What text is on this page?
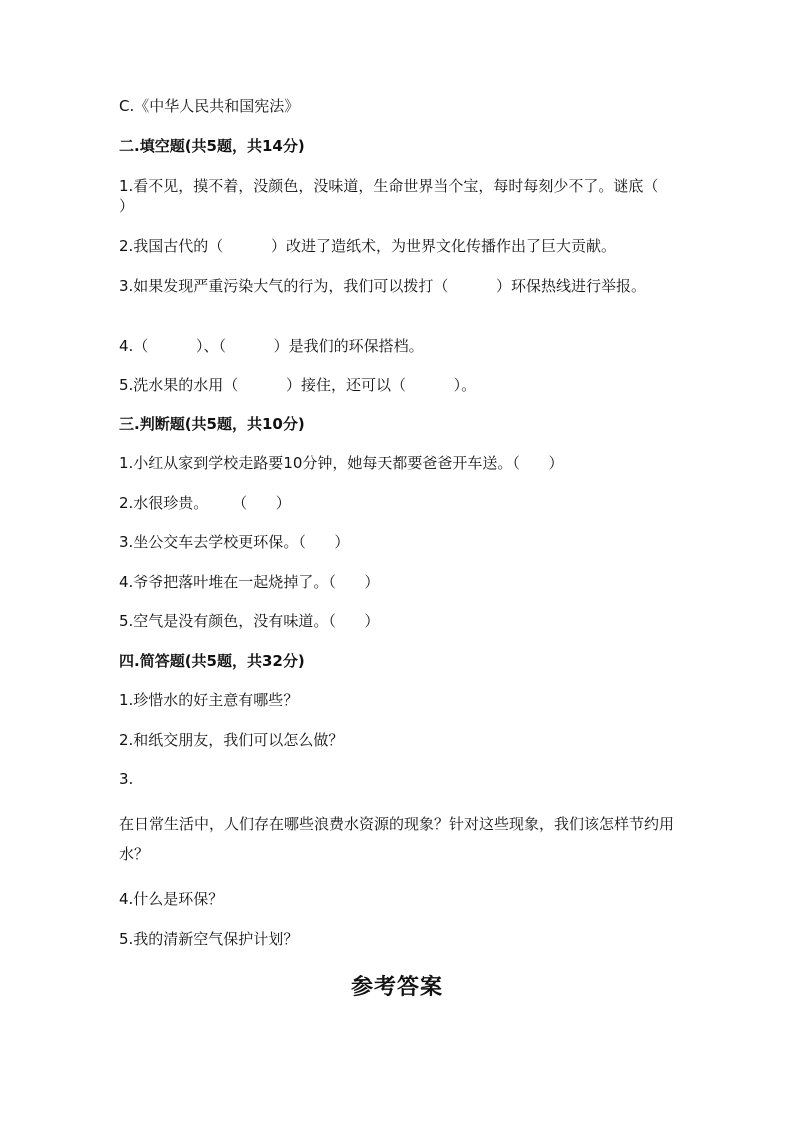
C.《中华人民共和国宪法》
二.填空题(共5题，共14分)
1.看不见，摸不着，没颜色，没味道，生命世界当个宝，每时每刻少不了。谜底（          ）
2.我国古代的（          ）改进了造纸术，为世界文化传播作出了巨大贡献。
3.如果发现严重污染大气的行为，我们可以拨打（          ）环保热线进行举报。
4.（          ）、（          ）是我们的环保搭档。
5.洗水果的水用（          ）接住，还可以（          ）。
三.判断题(共5题，共10分)
1.小红从家到学校走路要10分钟，她每天都要爸爸开车送。（      ）
2.水很珍贵。     （      ）
3.坐公交车去学校更环保。（      ）
4.爷爷把落叶堆在一起烧掉了。（      ）
5.空气是没有颜色，没有味道。（      ）
四.简答题(共5题，共32分)
1.珍惜水的好主意有哪些？
2.和纸交朋友，我们可以怎么做？
3.
在日常生活中，人们存在哪些浪费水资源的现象？针对这些现象，我们该怎样节约用水？
4.什么是环保？
5.我的清新空气保护计划？
参考答案
